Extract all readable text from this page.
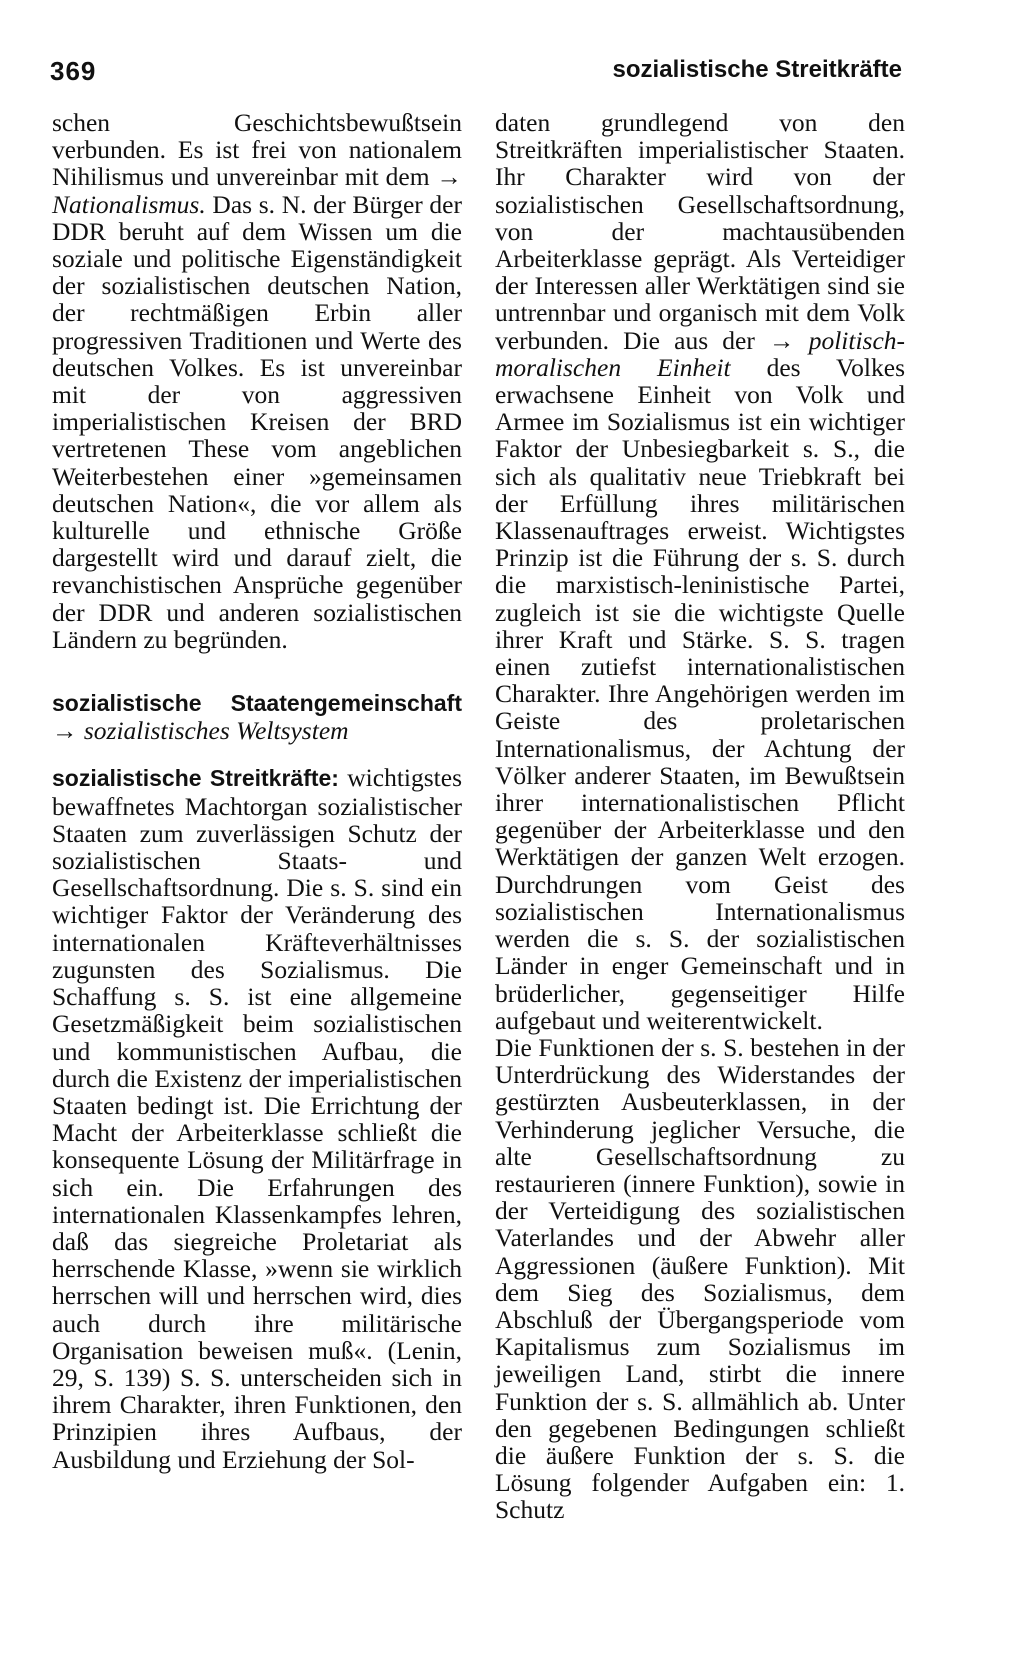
369	sozialistische Streitkräfte

schen Geschichtsbewußtsein verbunden. Es ist frei von nationalem Nihilismus und unvereinbar mit dem → Nationalismus. Das s. N. der Bürger der DDR beruht auf dem Wissen um die soziale und politische Eigenständigkeit der sozialistischen deutschen Nation, der rechtmäßigen Erbin aller progressiven Traditionen und Werte des deutschen Volkes. Es ist unvereinbar mit der von aggressiven imperialistischen Kreisen der BRD vertretenen These vom angeblichen Weiterbestehen einer »gemeinsamen deutschen Nation«, die vor allem als kulturelle und ethnische Größe dargestellt wird und darauf zielt, die revanchistischen Ansprüche gegenüber der DDR und anderen sozialistischen Ländern zu begründen.

sozialistische Staatengemeinschaft → sozialistisches Weltsystem

sozialistische Streitkräfte: wichtigstes bewaffnetes Machtorgan sozialistischer Staaten zum zuverlässigen Schutz der sozialistischen Staats- und Gesellschaftsordnung. Die s. S. sind ein wichtiger Faktor der Veränderung des internationalen Kräfteverhältnisses zugunsten des Sozialismus. Die Schaffung s. S. ist eine allgemeine Gesetzmäßigkeit beim sozialistischen und kommunistischen Aufbau, die durch die Existenz der imperialistischen Staaten bedingt ist. Die Errichtung der Macht der Arbeiterklasse schließt die konsequente Lösung der Militärfrage in sich ein. Die Erfahrungen des internationalen Klassenkampfes lehren, daß das siegreiche Proletariat als herrschende Klasse, »wenn sie wirklich herrschen will und herrschen wird, dies auch durch ihre militärische Organisation beweisen muß«. (Lenin, 29, S. 139) S. S. unterscheiden sich in ihrem Charakter, ihren Funktionen, den Prinzipien ihres Aufbaus, der Ausbildung und Erziehung der Sol-

daten grundlegend von den Streitkräften imperialistischer Staaten. Ihr Charakter wird von der sozialistischen Gesellschaftsordnung, von der machtausübenden Arbeiterklasse geprägt. Als Verteidiger der Interessen aller Werktätigen sind sie untrennbar und organisch mit dem Volk verbunden. Die aus der → politisch-moralischen Einheit des Volkes erwachsene Einheit von Volk und Armee im Sozialismus ist ein wichtiger Faktor der Unbesiegbarkeit s. S., die sich als qualitativ neue Triebkraft bei der Erfüllung ihres militärischen Klassenauftrages erweist. Wichtigstes Prinzip ist die Führung der s. S. durch die marxistisch-leninistische Partei, zugleich ist sie die wichtigste Quelle ihrer Kraft und Stärke. S. S. tragen einen zutiefst internationalistischen Charakter. Ihre Angehörigen werden im Geiste des proletarischen Internationalismus, der Achtung der Völker anderer Staaten, im Bewußtsein ihrer internationalistischen Pflicht gegenüber der Arbeiterklasse und den Werktätigen der ganzen Welt erzogen. Durchdrungen vom Geist des sozialistischen Internationalismus werden die s. S. der sozialistischen Länder in enger Gemeinschaft und in brüderlicher, gegenseitiger Hilfe aufgebaut und weiterentwickelt.

Die Funktionen der s. S. bestehen in der Unterdrückung des Widerstandes der gestürzten Ausbeuterklassen, in der Verhinderung jeglicher Versuche, die alte Gesellschaftsordnung zu restaurieren (innere Funktion), sowie in der Verteidigung des sozialistischen Vaterlandes und der Abwehr aller Aggressionen (äußere Funktion). Mit dem Sieg des Sozialismus, dem Abschluß der Übergangsperiode vom Kapitalismus zum Sozialismus im jeweiligen Land, stirbt die innere Funktion der s. S. allmählich ab. Unter den gegebenen Bedingungen schließt die äußere Funktion der s. S. die Lösung folgender Aufgaben ein: 1. Schutz
